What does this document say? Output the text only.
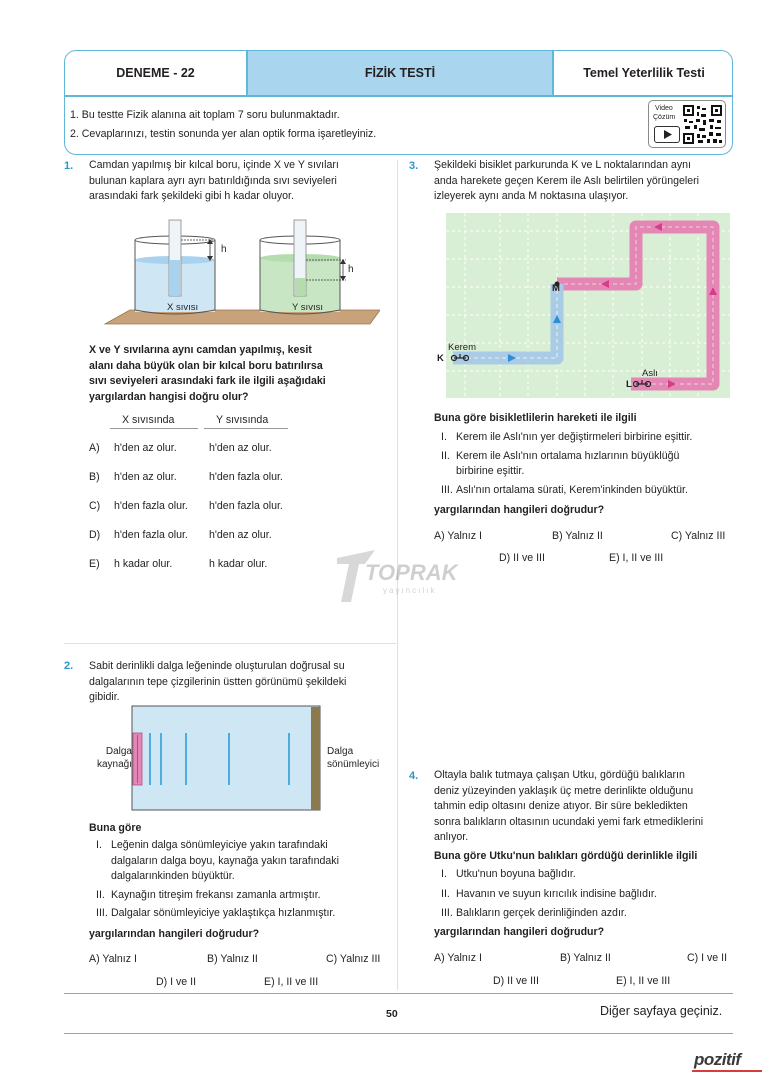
DENEME - 22	FİZİK TESTİ	Temel Yeterlilik Testi
1. Bu testte Fizik alanına ait toplam 7 soru bulunmaktadır.
2. Cevaplarınızı, testin sonunda yer alan optik forma işaretleyiniz.
Video
Çözüm
1. Camdan yapılmış bir kılcal boru, içinde X ve Y sıvıları
bulunan kaplara ayrı ayrı batırıldığında sıvı seviyeleri
arasındaki fark şekildeki gibi h kadar oluyor.
h
h
X sıvısı	Y sıvısı
X ve Y sıvılarına aynı camdan yapılmış, kesit
alanı daha büyük olan bir kılcal boru batırılırsa
sıvı seviyeleri arasındaki fark ile ilgili aşağıdaki
yargılardan hangisi doğru olur?
X sıvısında	Y sıvısında
A) h'den az olur.	h'den az olur.
B) h'den az olur.	h'den fazla olur.
C) h'den fazla olur. h'den fazla olur.
D) h'den fazla olur. h'den az olur.
E) h kadar olur.	h kadar olur.	TOPRAK
yayıncılık
2. Sabit derinlikli dalga leğeninde oluşturulan doğrusal su
dalgalarının tepe çizgilerinin üstten görünümü şekildeki
gibidir.
Dalga
kaynağı
Dalga
sönümleyici
Buna göre
I. Leğenin dalga sönümleyiciye yakın tarafındaki
dalgaların dalga boyu, kaynağa yakın tarafındaki
dalgalarınkinden büyüktür.
II. Kaynağın titreşim frekansı zamanla artmıştır.
III. Dalgalar sönümleyiciye yaklaştıkça hızlanmıştır.
yargılarından hangileri doğrudur?
A) Yalnız I	B) Yalnız II	C) Yalnız III
D) I ve II	E) I, II ve III
3. Şekildeki bisiklet parkurunda K ve L noktalarından aynı
anda harekete geçen Kerem ile Aslı belirtilen yörüngeleri
izleyerek aynı anda M noktasına ulaşıyor.
M
Kerem
K
Aslı
L
Buna göre bisikletlilerin hareketi ile ilgili
I. Kerem ile Aslı'nın yer değiştirmeleri birbirine eşittir.
II. Kerem ile Aslı'nın ortalama hızlarının büyüklüğü
birbirine eşittir.
III. Aslı'nın ortalama sürati, Kerem'inkinden büyüktür.
yargılarından hangileri doğrudur?
A) Yalnız I	B) Yalnız II	C) Yalnız III
D) II ve III	E) I, II ve III
4. Oltayla balık tutmaya çalışan Utku, gördüğü balıkların
deniz yüzeyinden yaklaşık üç metre derinlikte olduğunu
tahmin edip oltasını denize atıyor. Bir süre bekledikten
sonra balıkların oltasının ucundaki yemi fark etmediklerini
anlıyor.
Buna göre Utku'nun balıkları gördüğü derinlikle ilgili
I. Utku'nun boyuna bağlıdır.
II. Havanın ve suyun kırıcılık indisine bağlıdır.
III. Balıkların gerçek derinliğinden azdır.
yargılarından hangileri doğrudur?
A) Yalnız I	B) Yalnız II	C) I ve II
D) II ve III	E) I, II ve III
50	Diğer sayfaya geçiniz.
pozitif
